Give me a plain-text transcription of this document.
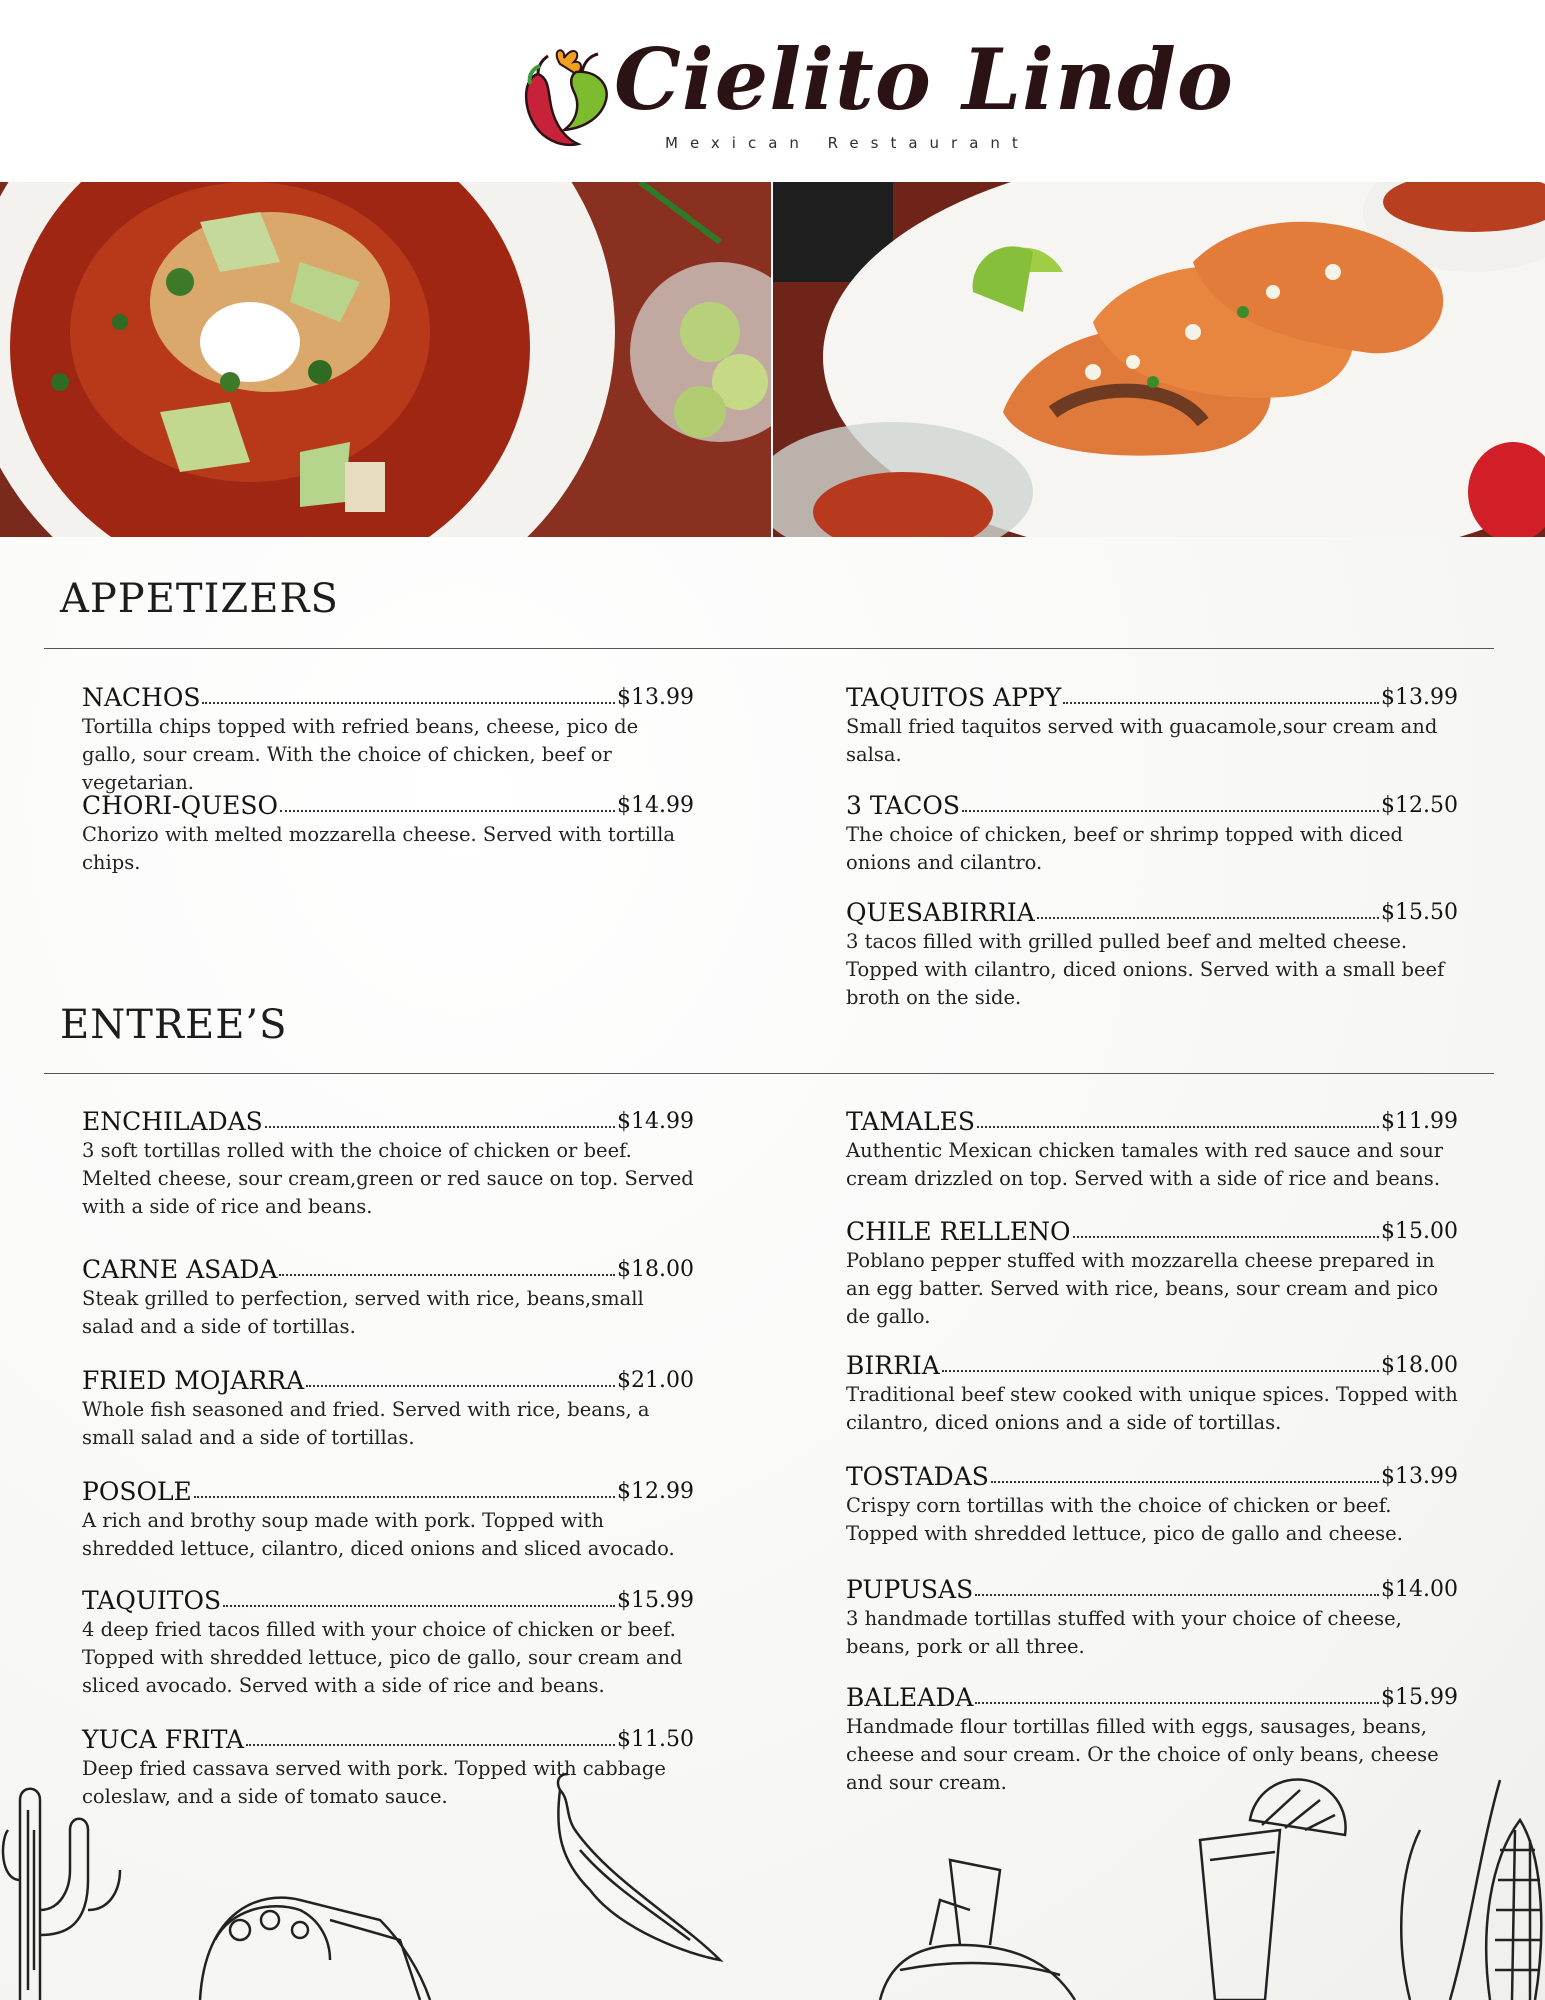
Cielito Lindo
Mexican Restaurant
APPETIZERS
NACHOS	$13.99
Tortilla chips topped with refried beans, cheese, pico de gallo, sour cream. With the choice of chicken, beef or vegetarian.
CHORI-QUESO	$14.99
Chorizo with melted mozzarella cheese. Served with tortilla chips.
TAQUITOS APPY	$13.99
Small fried taquitos served with guacamole,sour cream and salsa.
3 TACOS	$12.50
The choice of chicken, beef or shrimp topped with diced onions and cilantro.
QUESABIRRIA	$15.50
3 tacos filled with grilled pulled beef and melted cheese. Topped with cilantro, diced onions. Served with a small beef broth on the side.
ENTREE’S
ENCHILADAS	$14.99
3 soft tortillas rolled with the choice of chicken or beef. Melted cheese, sour cream,green or red sauce on top. Served with a side of rice and beans.
CARNE ASADA	$18.00
Steak grilled to perfection, served with rice, beans,small salad and a side of tortillas.
FRIED MOJARRA	$21.00
Whole fish seasoned and fried. Served with rice, beans, a small salad and a side of tortillas.
POSOLE	$12.99
A rich and brothy soup made with pork. Topped with shredded lettuce, cilantro, diced onions and sliced avocado.
TAQUITOS	$15.99
4 deep fried tacos filled with your choice of chicken or beef. Topped with shredded lettuce, pico de gallo, sour cream and sliced avocado. Served with a side of rice and beans.
YUCA FRITA	$11.50
Deep fried cassava served with pork. Topped with cabbage coleslaw, and a side of tomato sauce.
TAMALES	$11.99
Authentic Mexican chicken tamales with red sauce and sour cream drizzled on top. Served with a side of rice and beans.
CHILE RELLENO	$15.00
Poblano pepper stuffed with mozzarella cheese prepared in an egg batter. Served with rice, beans, sour cream and pico de gallo.
BIRRIA	$18.00
Traditional beef stew cooked with unique spices. Topped with cilantro, diced onions and a side of tortillas.
TOSTADAS	$13.99
Crispy corn tortillas with the choice of chicken or beef. Topped with shredded lettuce, pico de gallo and cheese.
PUPUSAS	$14.00
3 handmade tortillas stuffed with your choice of cheese, beans, pork or all three.
BALEADA	$15.99
Handmade flour tortillas filled with eggs, sausages, beans, cheese and sour cream. Or the choice of only beans, cheese and sour cream.
